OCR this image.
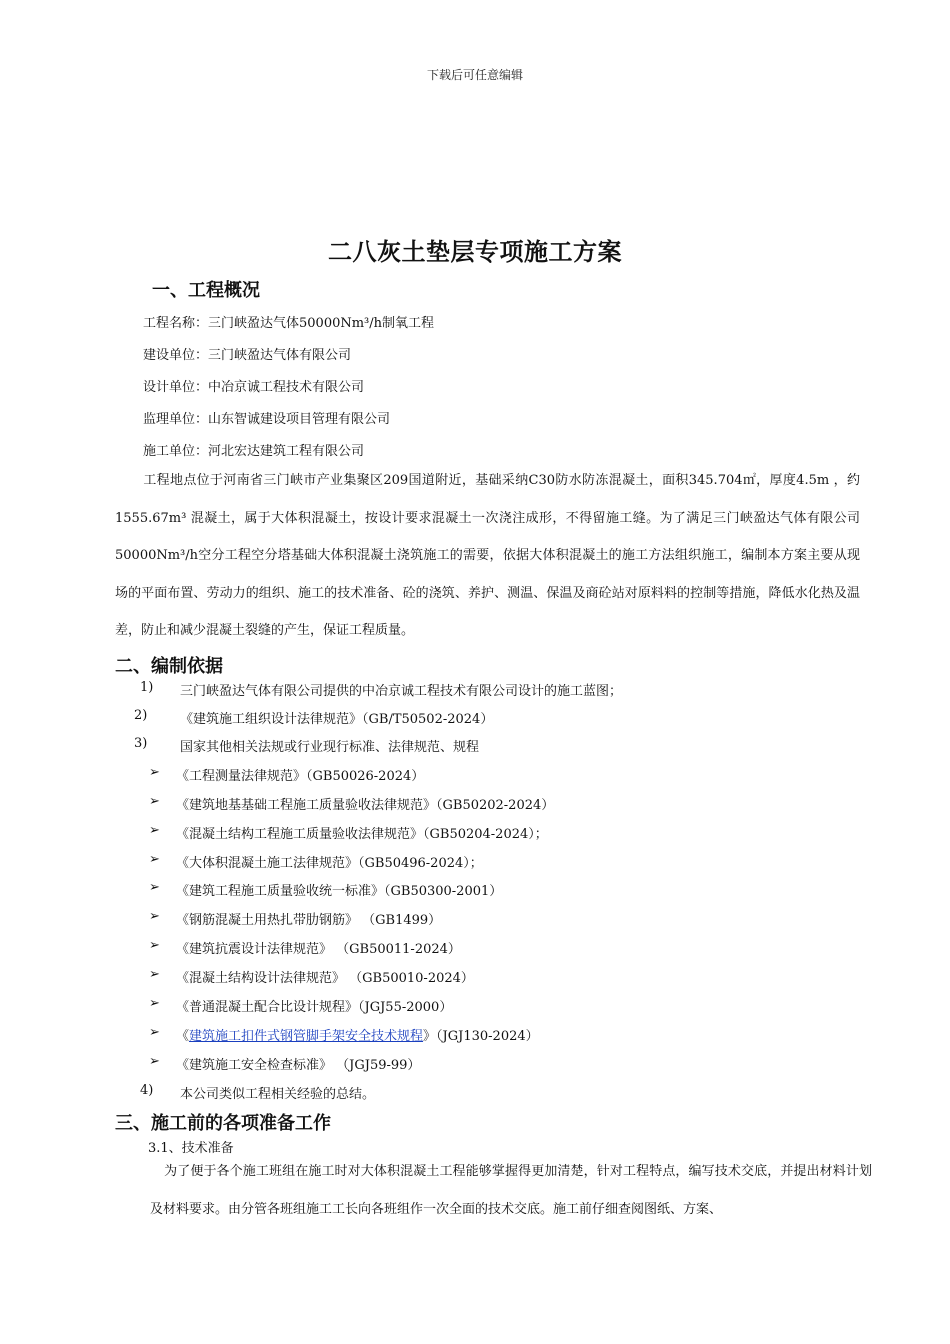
下载后可任意编辑
二八灰土垫层专项施工方案
一、工程概况
工程名称：三门峡盈达气体50000Nm³/h制氧工程
建设单位：三门峡盈达气体有限公司
设计单位：中冶京诚工程技术有限公司
监理单位：山东智诚建设项目管理有限公司
施工单位：河北宏达建筑工程有限公司
工程地点位于河南省三门峡市产业集聚区209国道附近，基础采纳C30防水防冻混凝土，面积345.704㎡，厚度4.5m ，约1555.67m³ 混凝土，属于大体积混凝土，按设计要求混凝土一次浇注成形，不得留施工缝。为了满足三门峡盈达气体有限公司50000Nm³/h空分工程空分塔基础大体积混凝土浇筑施工的需要，依据大体积混凝土的施工方法组织施工，编制本方案主要从现场的平面布置、劳动力的组织、施工的技术准备、砼的浇筑、养护、测温、保温及商砼站对原料料的控制等措施，降低水化热及温差，防止和减少混凝土裂缝的产生，保证工程质量。
二、编制依据
1) 三门峡盈达气体有限公司提供的中冶京诚工程技术有限公司设计的施工蓝图；
2)	《建筑施工组织设计法律规范》（GB/T50502-2024）
3)	国家其他相关法规或行业现行标准、法律规范、规程
➢ 《工程测量法律规范》（GB50026-2024）
➢ 《建筑地基基础工程施工质量验收法律规范》（GB50202-2024）
➢ 《混凝土结构工程施工质量验收法律规范》（GB50204-2024）；
➢ 《大体积混凝土施工法律规范》（GB50496-2024）；
➢ 《建筑工程施工质量验收统一标准》（GB50300-2001）
➢ 《钢筋混凝土用热扎带肋钢筋》 （GB1499）
➢ 《建筑抗震设计法律规范》 （GB50011-2024）
➢ 《混凝土结构设计法律规范》 （GB50010-2024）
➢ 《普通混凝土配合比设计规程》（JGJ55-2000）
➢ 《建筑施工扣件式钢管脚手架安全技术规程》（JGJ130-2024）
➢ 《建筑施工安全检查标准》 （JGJ59-99）
4) 本公司类似工程相关经验的总结。
三、施工前的各项准备工作
3.1、技术准备
为了便于各个施工班组在施工时对大体积混凝土工程能够掌握得更加清楚，针对工程特点，编写技术交底，并提出材料计划及材料要求。由分管各班组施工工长向各班组作一次全面的技术交底。施工前仔细查阅图纸、方案、
